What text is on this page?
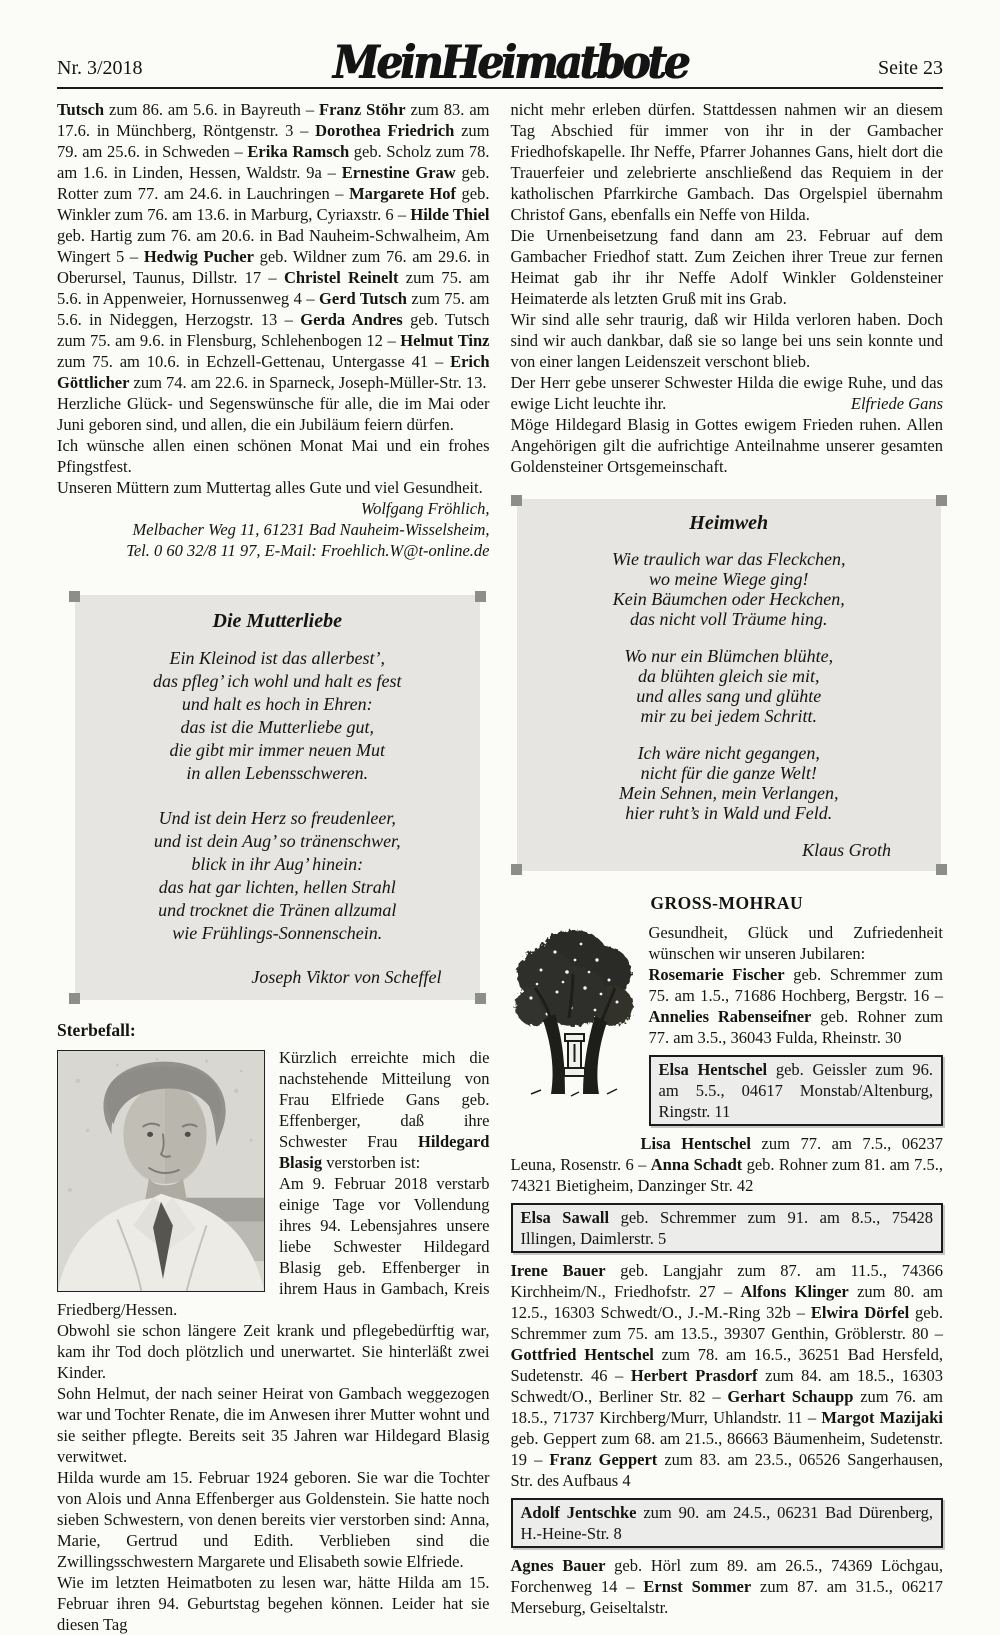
Nr. 3/2018	MeinHeimatbote	Seite 23

Tutsch zum 86. am 5.6. in Bayreuth – Franz Stöhr zum 83. am 17.6. in Münchberg, Röntgenstr. 3 – Dorothea Friedrich zum 79. am 25.6. in Schweden – Erika Ramsch geb. Scholz zum 78. am 1.6. in Linden, Hessen, Waldstr. 9a – Ernestine Graw geb. Rotter zum 77. am 24.6. in Lauchringen – Margarete Hof geb. Winkler zum 76. am 13.6. in Marburg, Cyriaxstr. 6 – Hilde Thiel geb. Hartig zum 76. am 20.6. in Bad Nauheim-Schwalheim, Am Wingert 5 – Hedwig Pucher geb. Wildner zum 76. am 29.6. in Oberursel, Taunus, Dillstr. 17 – Christel Reinelt zum 75. am 5.6. in Appenweier, Hornussenweg 4 – Gerd Tutsch zum 75. am 5.6. in Nideggen, Herzogstr. 13 – Gerda Andres geb. Tutsch zum 75. am 9.6. in Flensburg, Schlehenbogen 12 – Helmut Tinz zum 75. am 10.6. in Echzell-Gettenau, Untergasse 41 – Erich Göttlicher zum 74. am 22.6. in Sparneck, Joseph-Müller-Str. 13.

Herzliche Glück- und Segenswünsche für alle, die im Mai oder Juni geboren sind, und allen, die ein Jubiläum feiern dürfen.
Ich wünsche allen einen schönen Monat Mai und ein frohes Pfingstfest.
Unseren Müttern zum Muttertag alles Gute und viel Gesundheit.
Wolfgang Fröhlich,
Melbacher Weg 11, 61231 Bad Nauheim-Wisselsheim,
Tel. 0 60 32/8 11 97, E-Mail: Froehlich.W@t-online.de
Die Mutterliebe
Ein Kleinod ist das allerbest’,
das pfleg’ ich wohl und halt es fest
und halt es hoch in Ehren:
das ist die Mutterliebe gut,
die gibt mir immer neuen Mut
in allen Lebensschweren.
Und ist dein Herz so freudenleer,
und ist dein Aug’ so tränenschwer,
blick in ihr Aug’ hinein:
das hat gar lichten, hellen Strahl
und trocknet die Tränen allzumal
wie Frühlings-Sonnenschein.
Joseph Viktor von Scheffel
Sterbefall:

Kürzlich erreichte mich die nachstehende Mitteilung von Frau Elfriede Gans geb. Effenberger, daß ihre Schwester Frau Hildegard Blasig verstorben ist:

Am 9. Februar 2018 verstarb einige Tage vor Vollendung ihres 94. Lebensjahres unsere liebe Schwester Hildegard Blasig geb. Effenberger in ihrem Haus in Gambach, Kreis Friedberg/Hessen.

Obwohl sie schon längere Zeit krank und pflegebedürftig war, kam ihr Tod doch plötzlich und unerwartet. Sie hinterläßt zwei Kinder.

Sohn Helmut, der nach seiner Heirat von Gambach weggezogen war und Tochter Renate, die im Anwesen ihrer Mutter wohnt und sie seither pflegte. Bereits seit 35 Jahren war Hildegard Blasig verwitwet.

Hilda wurde am 15. Februar 1924 geboren. Sie war die Tochter von Alois und Anna Effenberger aus Goldenstein. Sie hatte noch sieben Schwestern, von denen bereits vier verstorben sind: Anna, Marie, Gertrud und Edith. Verblieben sind die Zwillingsschwestern Margarete und Elisabeth sowie Elfriede.

Wie im letzten Heimatboten zu lesen war, hätte Hilda am 15. Februar ihren 94. Geburtstag begehen können. Leider hat sie diesen Tag

nicht mehr erleben dürfen. Stattdessen nahmen wir an diesem Tag Abschied für immer von ihr in der Gambacher Friedhofskapelle. Ihr Neffe, Pfarrer Johannes Gans, hielt dort die Trauerfeier und zelebrierte anschließend das Requiem in der katholischen Pfarrkirche Gambach. Das Orgelspiel übernahm Christof Gans, ebenfalls ein Neffe von Hilda.

Die Urnenbeisetzung fand dann am 23. Februar auf dem Gambacher Friedhof statt. Zum Zeichen ihrer Treue zur fernen Heimat gab ihr ihr Neffe Adolf Winkler Goldensteiner Heimaterde als letzten Gruß mit ins Grab.

Wir sind alle sehr traurig, daß wir Hilda verloren haben. Doch sind wir auch dankbar, daß sie so lange bei uns sein konnte und von einer langen Leidenszeit verschont blieb.

Der Herr gebe unserer Schwester Hilda die ewige Ruhe, und das ewige Licht leuchte ihr.	Elfriede Gans

Möge Hildegard Blasig in Gottes ewigem Frieden ruhen. Allen Angehörigen gilt die aufrichtige Anteilnahme unserer gesamten Goldensteiner Ortsgemeinschaft.

Heimweh
Wie traulich war das Fleckchen,
wo meine Wiege ging!
Kein Bäumchen oder Heckchen,
das nicht voll Träume hing.
Wo nur ein Blümchen blühte,
da blühten gleich sie mit,
und alles sang und glühte
mir zu bei jedem Schritt.
Ich wäre nicht gegangen,
nicht für die ganze Welt!
Mein Sehnen, mein Verlangen,
hier ruht’s in Wald und Feld.
Klaus Groth
GROSS-MOHRAU

Gesundheit, Glück und Zufriedenheit wünschen wir unseren Jubilaren:

Rosemarie Fischer geb. Schremmer zum 75. am 1.5., 71686 Hochberg, Bergstr. 16 – Annelies Rabenseifner geb. Rohner zum 77. am 3.5., 36043 Fulda, Rheinstr. 30

Elsa Hentschel geb. Geissler zum 96. am 5.5., 04617 Monstab/Altenburg, Ringstr. 11

Lisa Hentschel zum 77. am 7.5., 06237 Leuna, Rosenstr. 6 – Anna Schadt geb. Rohner zum 81. am 7.5., 74321 Bietigheim, Danzinger Str. 42

Elsa Sawall geb. Schremmer zum 91. am 8.5., 75428 Illingen, Daimlerstr. 5

Irene Bauer geb. Langjahr zum 87. am 11.5., 74366 Kirchheim/N., Friedhofstr. 27 – Alfons Klinger zum 80. am 12.5., 16303 Schwedt/O., J.-M.-Ring 32b – Elwira Dörfel geb. Schremmer zum 75. am 13.5., 39307 Genthin, Gröblerstr. 80 – Gottfried Hentschel zum 78. am 16.5., 36251 Bad Hersfeld, Sudetenstr. 46 – Herbert Prasdorf zum 84. am 18.5., 16303 Schwedt/O., Berliner Str. 82 – Gerhart Schaupp zum 76. am 18.5., 71737 Kirchberg/Murr, Uhlandstr. 11 – Margot Mazijaki geb. Geppert zum 68. am 21.5., 86663 Bäumenheim, Sudetenstr. 19 – Franz Geppert zum 83. am 23.5., 06526 Sangerhausen, Str. des Aufbaus 4

Adolf Jentschke zum 90. am 24.5., 06231 Bad Dürenberg, H.-Heine-Str. 8

Agnes Bauer geb. Hörl zum 89. am 26.5., 74369 Löchgau, Forchenweg 14 – Ernst Sommer zum 87. am 31.5., 06217 Merseburg, Geiseltalstr.
